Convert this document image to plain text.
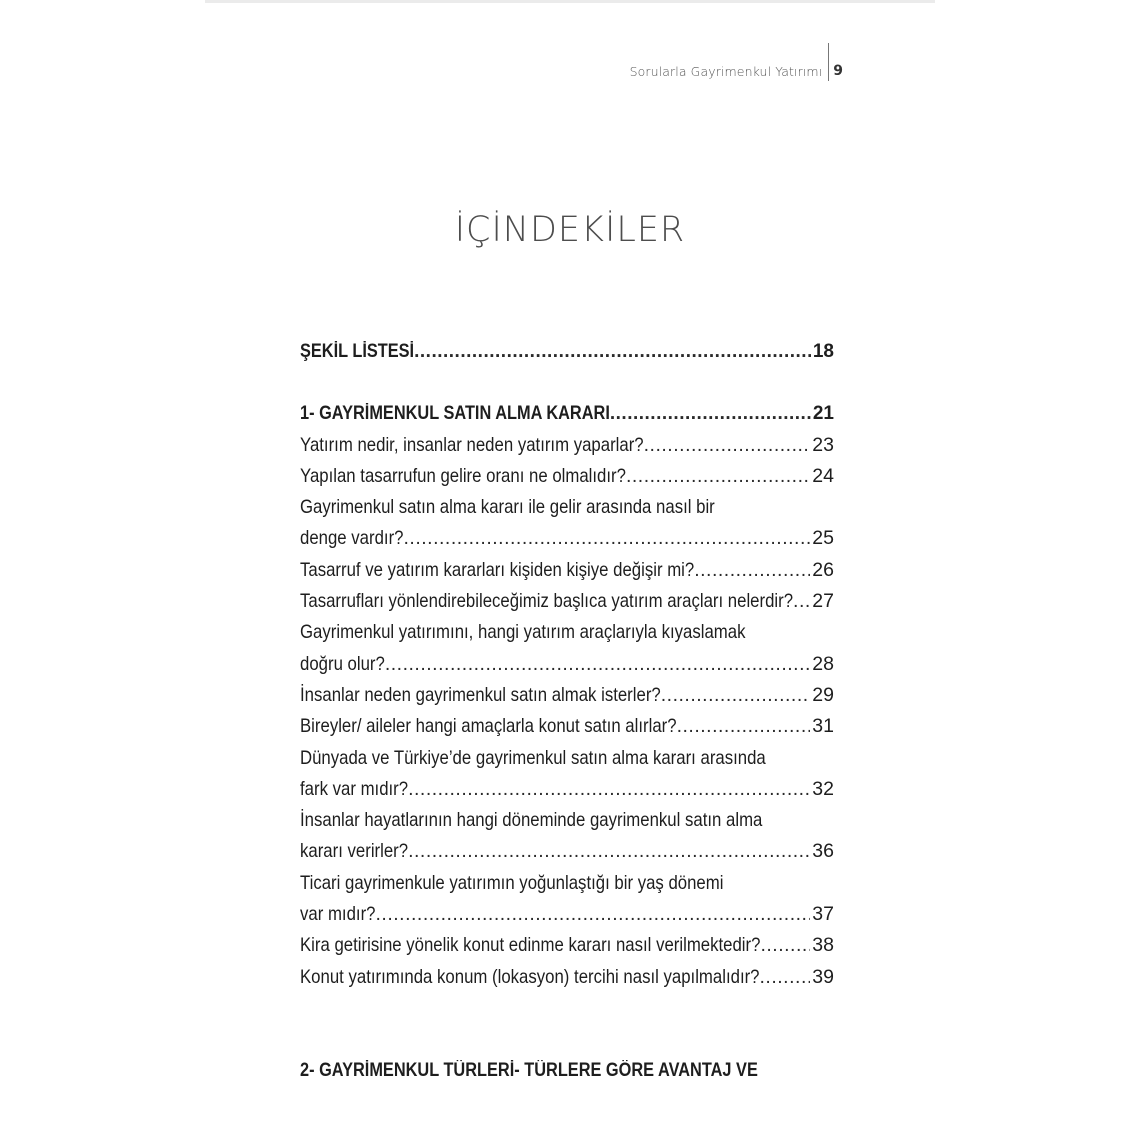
Sorularla Gayrimenkul Yatırımı 9
İÇİNDEKİLER
ŞEKİL LİSTESİ .....	18
1- GAYRİMENKUL SATIN ALMA KARARI .....	21
Yatırım nedir, insanlar neden yatırım yaparlar? .....	23
Yapılan tasarrufun gelire oranı ne olmalıdır? .....	24
Gayrimenkul satın alma kararı ile gelir arasında nasıl bir
denge vardır? .....	25
Tasarruf ve yatırım kararları kişiden kişiye değişir mi? .....	26
Tasarrufları yönlendirebileceğimiz başlıca yatırım araçları nelerdir? ..... 27
Gayrimenkul yatırımını, hangi yatırım araçlarıyla kıyaslamak
doğru olur? .....	28
İnsanlar neden gayrimenkul satın almak isterler? .....	29
Bireyler/ aileler hangi amaçlarla konut satın alırlar? .....	31
Dünyada ve Türkiye’de gayrimenkul satın alma kararı arasında
fark var mıdır? .....	32
İnsanlar hayatlarının hangi döneminde gayrimenkul satın alma
kararı verirler? .....	36
Ticari gayrimenkule yatırımın yoğunlaştığı bir yaş dönemi
var mıdır? .....	37
Kira getirisine yönelik konut edinme kararı nasıl verilmektedir? .....	38
Konut yatırımında konum (lokasyon) tercihi nasıl yapılmalıdır? .....	39
2- GAYRİMENKUL TÜRLERİ- TÜRLERE GÖRE AVANTAJ VE
